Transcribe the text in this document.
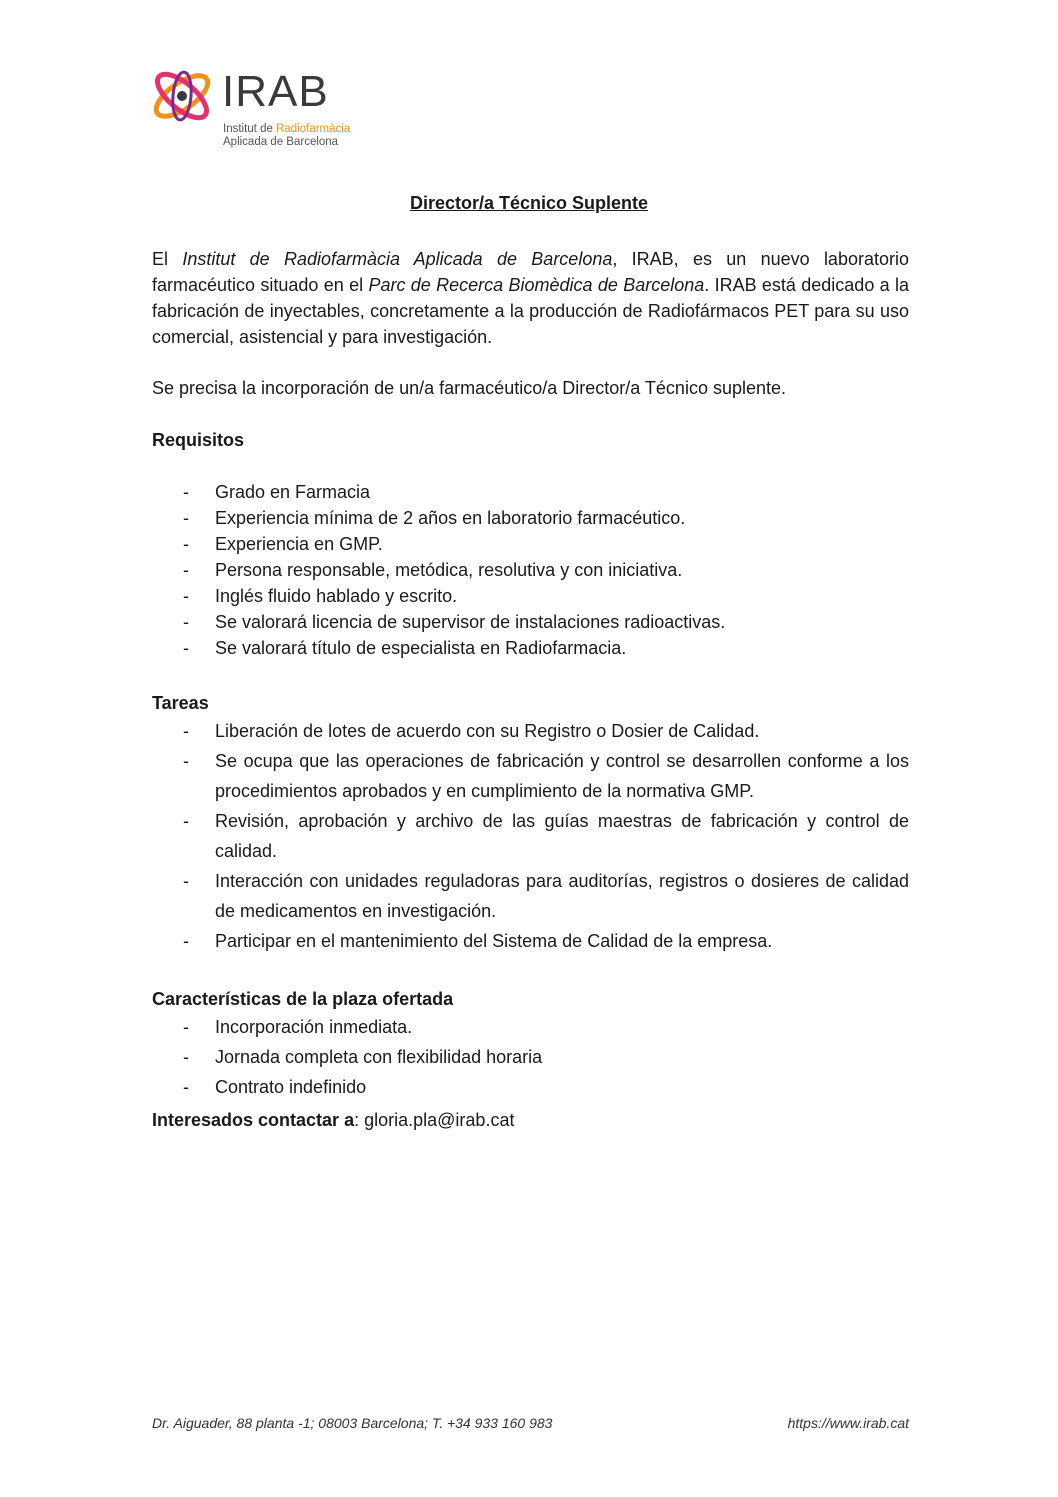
IRAB
Institut de Radiofarmàcia
Aplicada de Barcelona
Director/a Técnico Suplente
El Institut de Radiofarmàcia Aplicada de Barcelona, IRAB, es un nuevo laboratorio farmacéutico situado en el Parc de Recerca Biomèdica de Barcelona. IRAB está dedicado a la fabricación de inyectables, concretamente a la producción de Radiofármacos PET para su uso comercial, asistencial y para investigación.
Se precisa la incorporación de un/a farmacéutico/a Director/a Técnico suplente.
Requisitos
- Grado en Farmacia
- Experiencia mínima de 2 años en laboratorio farmacéutico.
- Experiencia en GMP.
- Persona responsable, metódica, resolutiva y con iniciativa.
- Inglés fluido hablado y escrito.
- Se valorará licencia de supervisor de instalaciones radioactivas.
- Se valorará título de especialista en Radiofarmacia.
Tareas
- Liberación de lotes de acuerdo con su Registro o Dosier de Calidad.
- Se ocupa que las operaciones de fabricación y control se desarrollen conforme a los procedimientos aprobados y en cumplimiento de la normativa GMP.
- Revisión, aprobación y archivo de las guías maestras de fabricación y control de calidad.
- Interacción con unidades reguladoras para auditorías, registros o dosieres de calidad de medicamentos en investigación.
- Participar en el mantenimiento del Sistema de Calidad de la empresa.
Características de la plaza ofertada
- Incorporación inmediata.
- Jornada completa con flexibilidad horaria
- Contrato indefinido
Interesados contactar a: gloria.pla@irab.cat
Dr. Aiguader, 88 planta -1; 08003 Barcelona; T. +34 933 160 983	https://www.irab.cat
